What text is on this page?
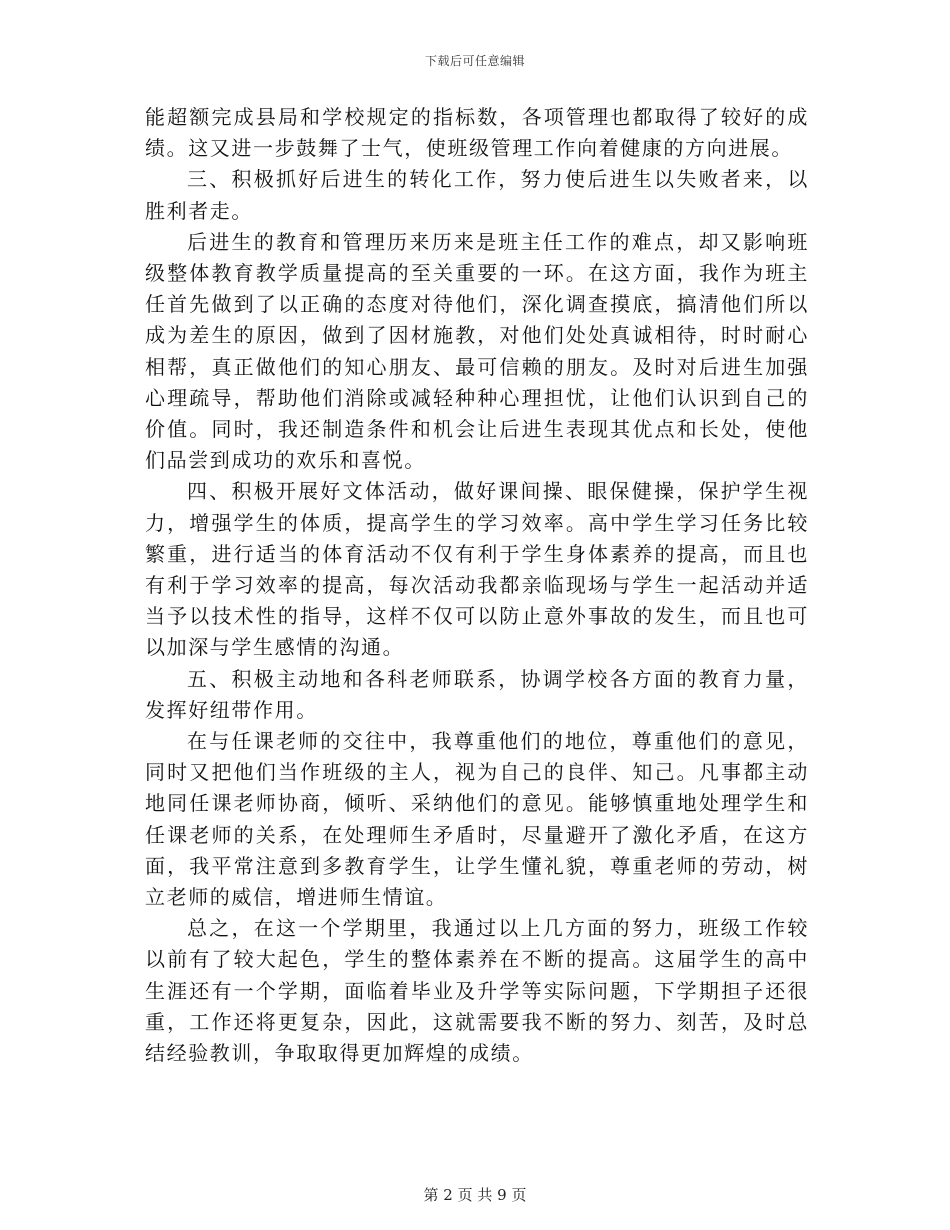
下载后可任意编辑

能超额完成县局和学校规定的指标数，各项管理也都取得了较好的成绩。这又进一步鼓舞了士气，使班级管理工作向着健康的方向进展。

三、积极抓好后进生的转化工作，努力使后进生以失败者来，以胜利者走。

后进生的教育和管理历来历来是班主任工作的难点，却又影响班级整体教育教学质量提高的至关重要的一环。在这方面，我作为班主任首先做到了以正确的态度对待他们，深化调查摸底，搞清他们所以成为差生的原因，做到了因材施教，对他们处处真诚相待，时时耐心相帮，真正做他们的知心朋友、最可信赖的朋友。及时对后进生加强心理疏导，帮助他们消除或减轻种种心理担忧，让他们认识到自己的价值。同时，我还制造条件和机会让后进生表现其优点和长处，使他们品尝到成功的欢乐和喜悦。

四、积极开展好文体活动，做好课间操、眼保健操，保护学生视力，增强学生的体质，提高学生的学习效率。高中学生学习任务比较繁重，进行适当的体育活动不仅有利于学生身体素养的提高，而且也有利于学习效率的提高，每次活动我都亲临现场与学生一起活动并适当予以技术性的指导，这样不仅可以防止意外事故的发生，而且也可以加深与学生感情的沟通。

五、积极主动地和各科老师联系，协调学校各方面的教育力量，发挥好纽带作用。

在与任课老师的交往中，我尊重他们的地位，尊重他们的意见，同时又把他们当作班级的主人，视为自己的良伴、知己。凡事都主动地同任课老师协商，倾听、采纳他们的意见。能够慎重地处理学生和任课老师的关系，在处理师生矛盾时，尽量避开了激化矛盾，在这方面，我平常注意到多教育学生，让学生懂礼貌，尊重老师的劳动，树立老师的威信，增进师生情谊。

总之，在这一个学期里，我通过以上几方面的努力，班级工作较以前有了较大起色，学生的整体素养在不断的提高。这届学生的高中生涯还有一个学期，面临着毕业及升学等实际问题，下学期担子还很重，工作还将更复杂，因此，这就需要我不断的努力、刻苦，及时总结经验教训，争取取得更加辉煌的成绩。

第 2 页 共 9 页
